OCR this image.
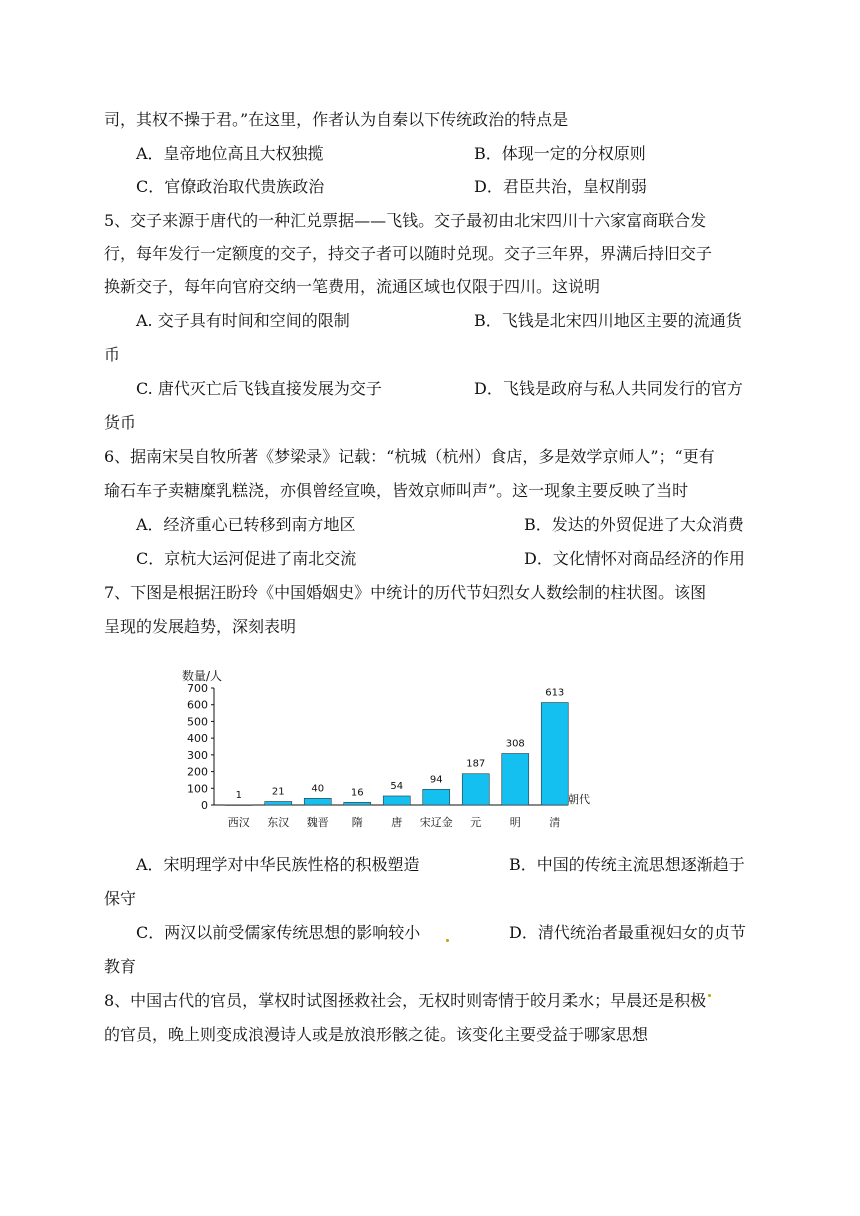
司，其权不操于君。”在这里，作者认为自秦以下传统政治的特点是
A．皇帝地位高且大权独揽	B．体现一定的分权原则
C．官僚政治取代贵族政治	D．君臣共治，皇权削弱
5、交子来源于唐代的一种汇兑票据——飞钱。交子最初由北宋四川十六家富商联合发
行，每年发行一定额度的交子，持交子者可以随时兑现。交子三年界，界满后持旧交子
换新交子，每年向官府交纳一笔费用，流通区域也仅限于四川。这说明
A. 交子具有时间和空间的限制	B．飞钱是北宋四川地区主要的流通货
币
C. 唐代灭亡后飞钱直接发展为交子	D．飞钱是政府与私人共同发行的官方
货币
6、据南宋吴自牧所著《梦梁录》记载：“杭城（杭州）食店，多是效学京师人”；“更有
瑜石车子卖糖糜乳糕浇，亦俱曾经宣唤，皆效京师叫声”。这一现象主要反映了当时
A．经济重心已转移到南方地区	B．发达的外贸促进了大众消费
C．京杭大运河促进了南北交流	D．文化情怀对商品经济的作用
7、下图是根据汪盼玲《中国婚姻史》中统计的历代节妇烈女人数绘制的柱状图。该图
呈现的发展趋势，深刻表明
数量/人
朝代
0
100
200
300
400
500
600
700
1
西汉
21
东汉
40
魏晋
16
隋
54
唐
94
宋辽金
187
元
308
明
613
清
A．宋明理学对中华民族性格的积极塑造	B．中国的传统主流思想逐渐趋于
保守
C．两汉以前受儒家传统思想的影响较小	D．清代统治者最重视妇女的贞节
教育
8、中国古代的官员，掌权时试图拯救社会，无权时则寄情于皎月柔水；早晨还是积极
的官员，晚上则变成浪漫诗人或是放浪形骸之徒。该变化主要受益于哪家思想
